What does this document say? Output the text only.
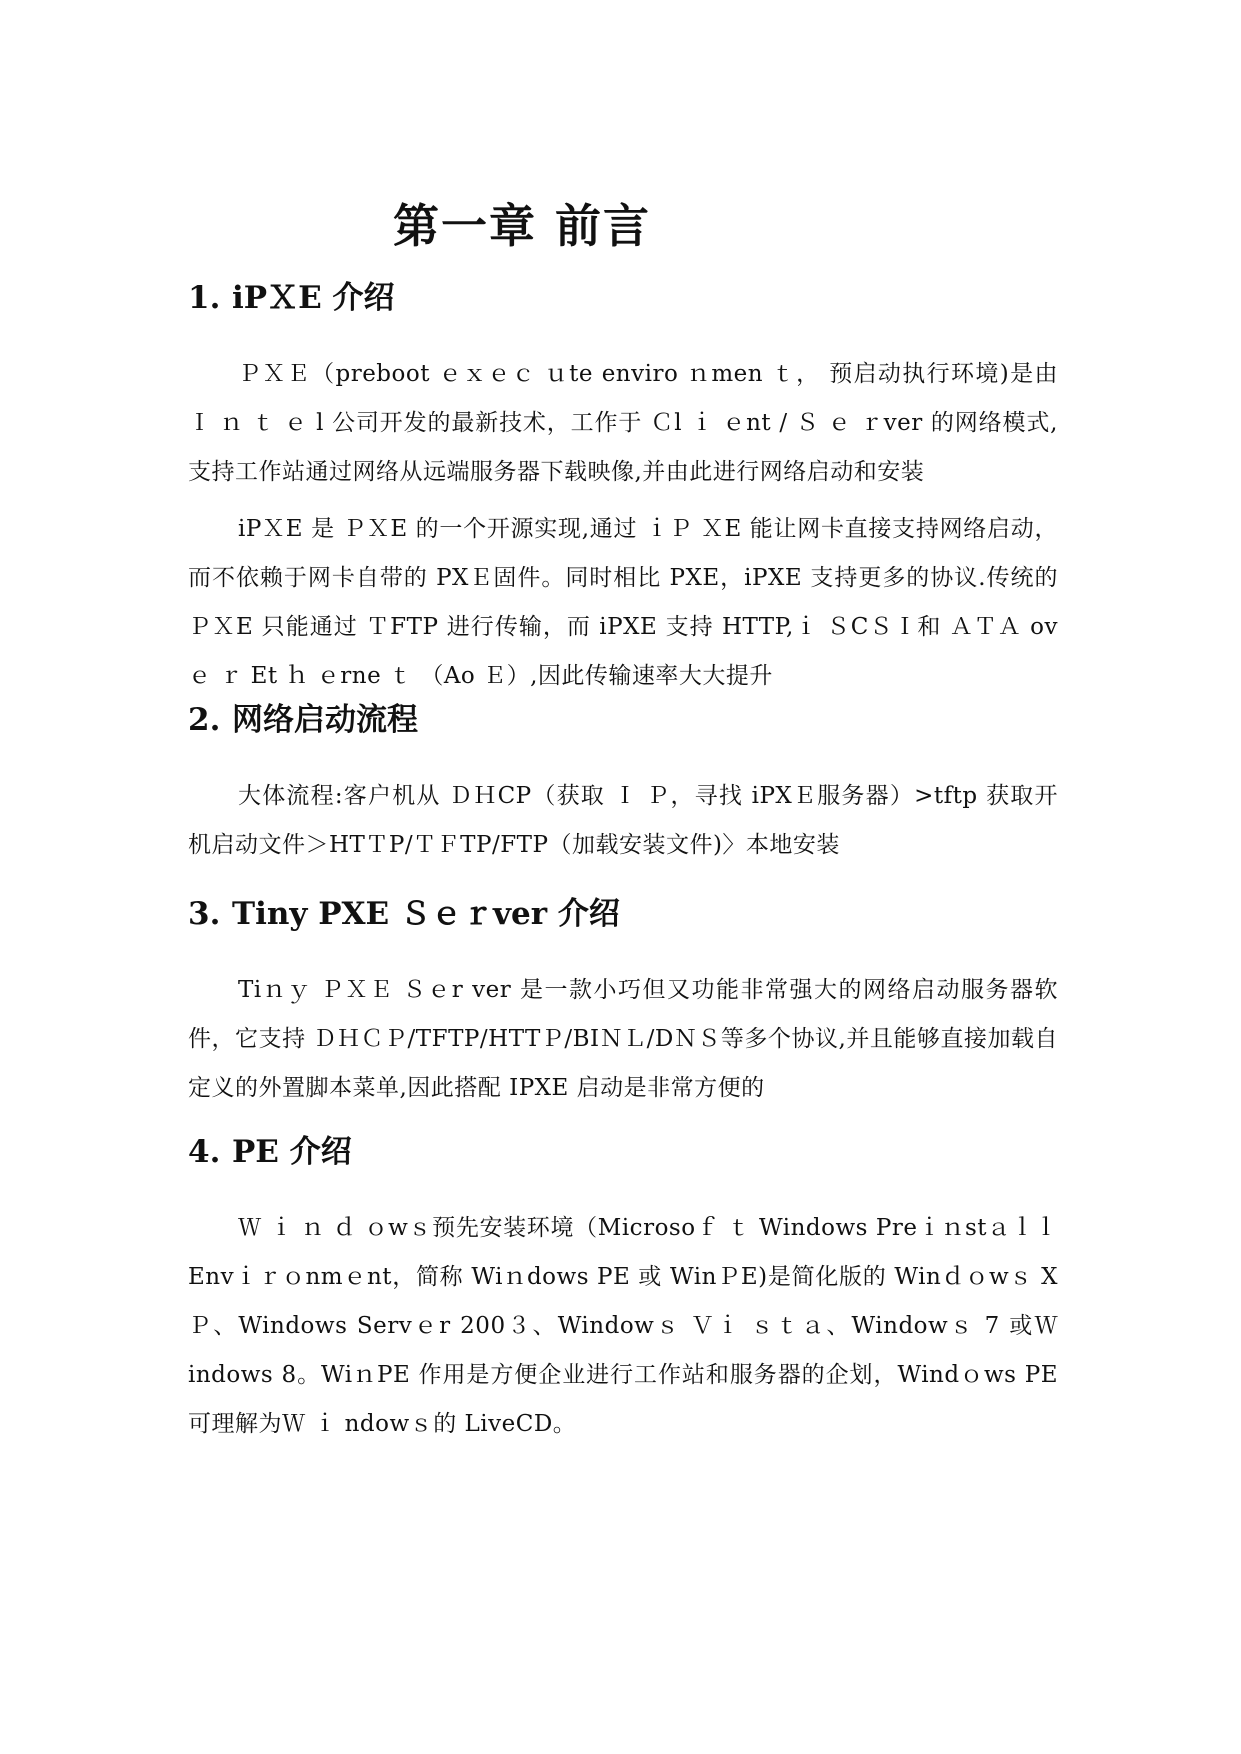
第一章 前言
1. iPＸE 介绍

ＰＸＥ（preboot ｅｘｅｃ ｕte enviro ｎmen ｔ， 预启动执行环境)是由 Ｉ ｎ ｔ ｅ l 公司开发的最新技术，工作于 Ｃl ｉ ｅnt / Ｓ ｅ ｒver 的网络模式,支持工作站通过网络从远端服务器下载映像,并由此进行网络启动和安装

iPＸE 是 ＰＸE 的一个开源实现,通过 ｉＰ ＸE 能让网卡直接支持网络启动，而不依赖于网卡自带的 PXＥ固件。同时相比 PXE，iPXE 支持更多的协议.传统的 ＰＸE 只能通过 ＴFTP 进行传输，而 iPXE 支持 HTTP,ｉ ＳCＳＩ和 ＡＴＡ ov ｅ ｒ Et ｈ ｅrne ｔ （Ao Ｅ）,因此传输速率大大提升

2. 网络启动流程

大体流程:客户机从 ＤＨCP（获取 Ｉ Ｐ，寻找 iPXＥ服务器）>tftp 获取开机启动文件＞HTＴP/ＴＦTP/FTP（加载安装文件)〉本地安装

3. Tiny PXE Ｓｅｒver 介绍

Tiｎｙ ＰＸＥ Ｓｅr ver 是一款小巧但又功能非常强大的网络启动服务器软件，它支持 ＤＨＣＰ/TFTP/HTTＰ/BIＮＬ/DＮＳ等多个协议,并且能够直接加载自定义的外置脚本菜单,因此搭配 IPXE 启动是非常方便的

4. PE 介绍

Ｗ ｉ ｎ ｄ ｏwｓ预先安装环境（Microsoｆ ｔ Windows Preｉｎstａｌｌ Envｉｒｏnmｅnt，简称 Wiｎdows PE 或 WinＰE)是简化版的 Winｄｏwｓ XＰ、Windows Servｅr 200３、Windowｓ Ｖｉ ｓｔａ、Windowｓ 7 或Ｗindows 8。WiｎPE 作用是方便企业进行工作站和服务器的企划，Windｏws PE 可理解为Ｗ ｉ ndowｓ的 LiveCD。
